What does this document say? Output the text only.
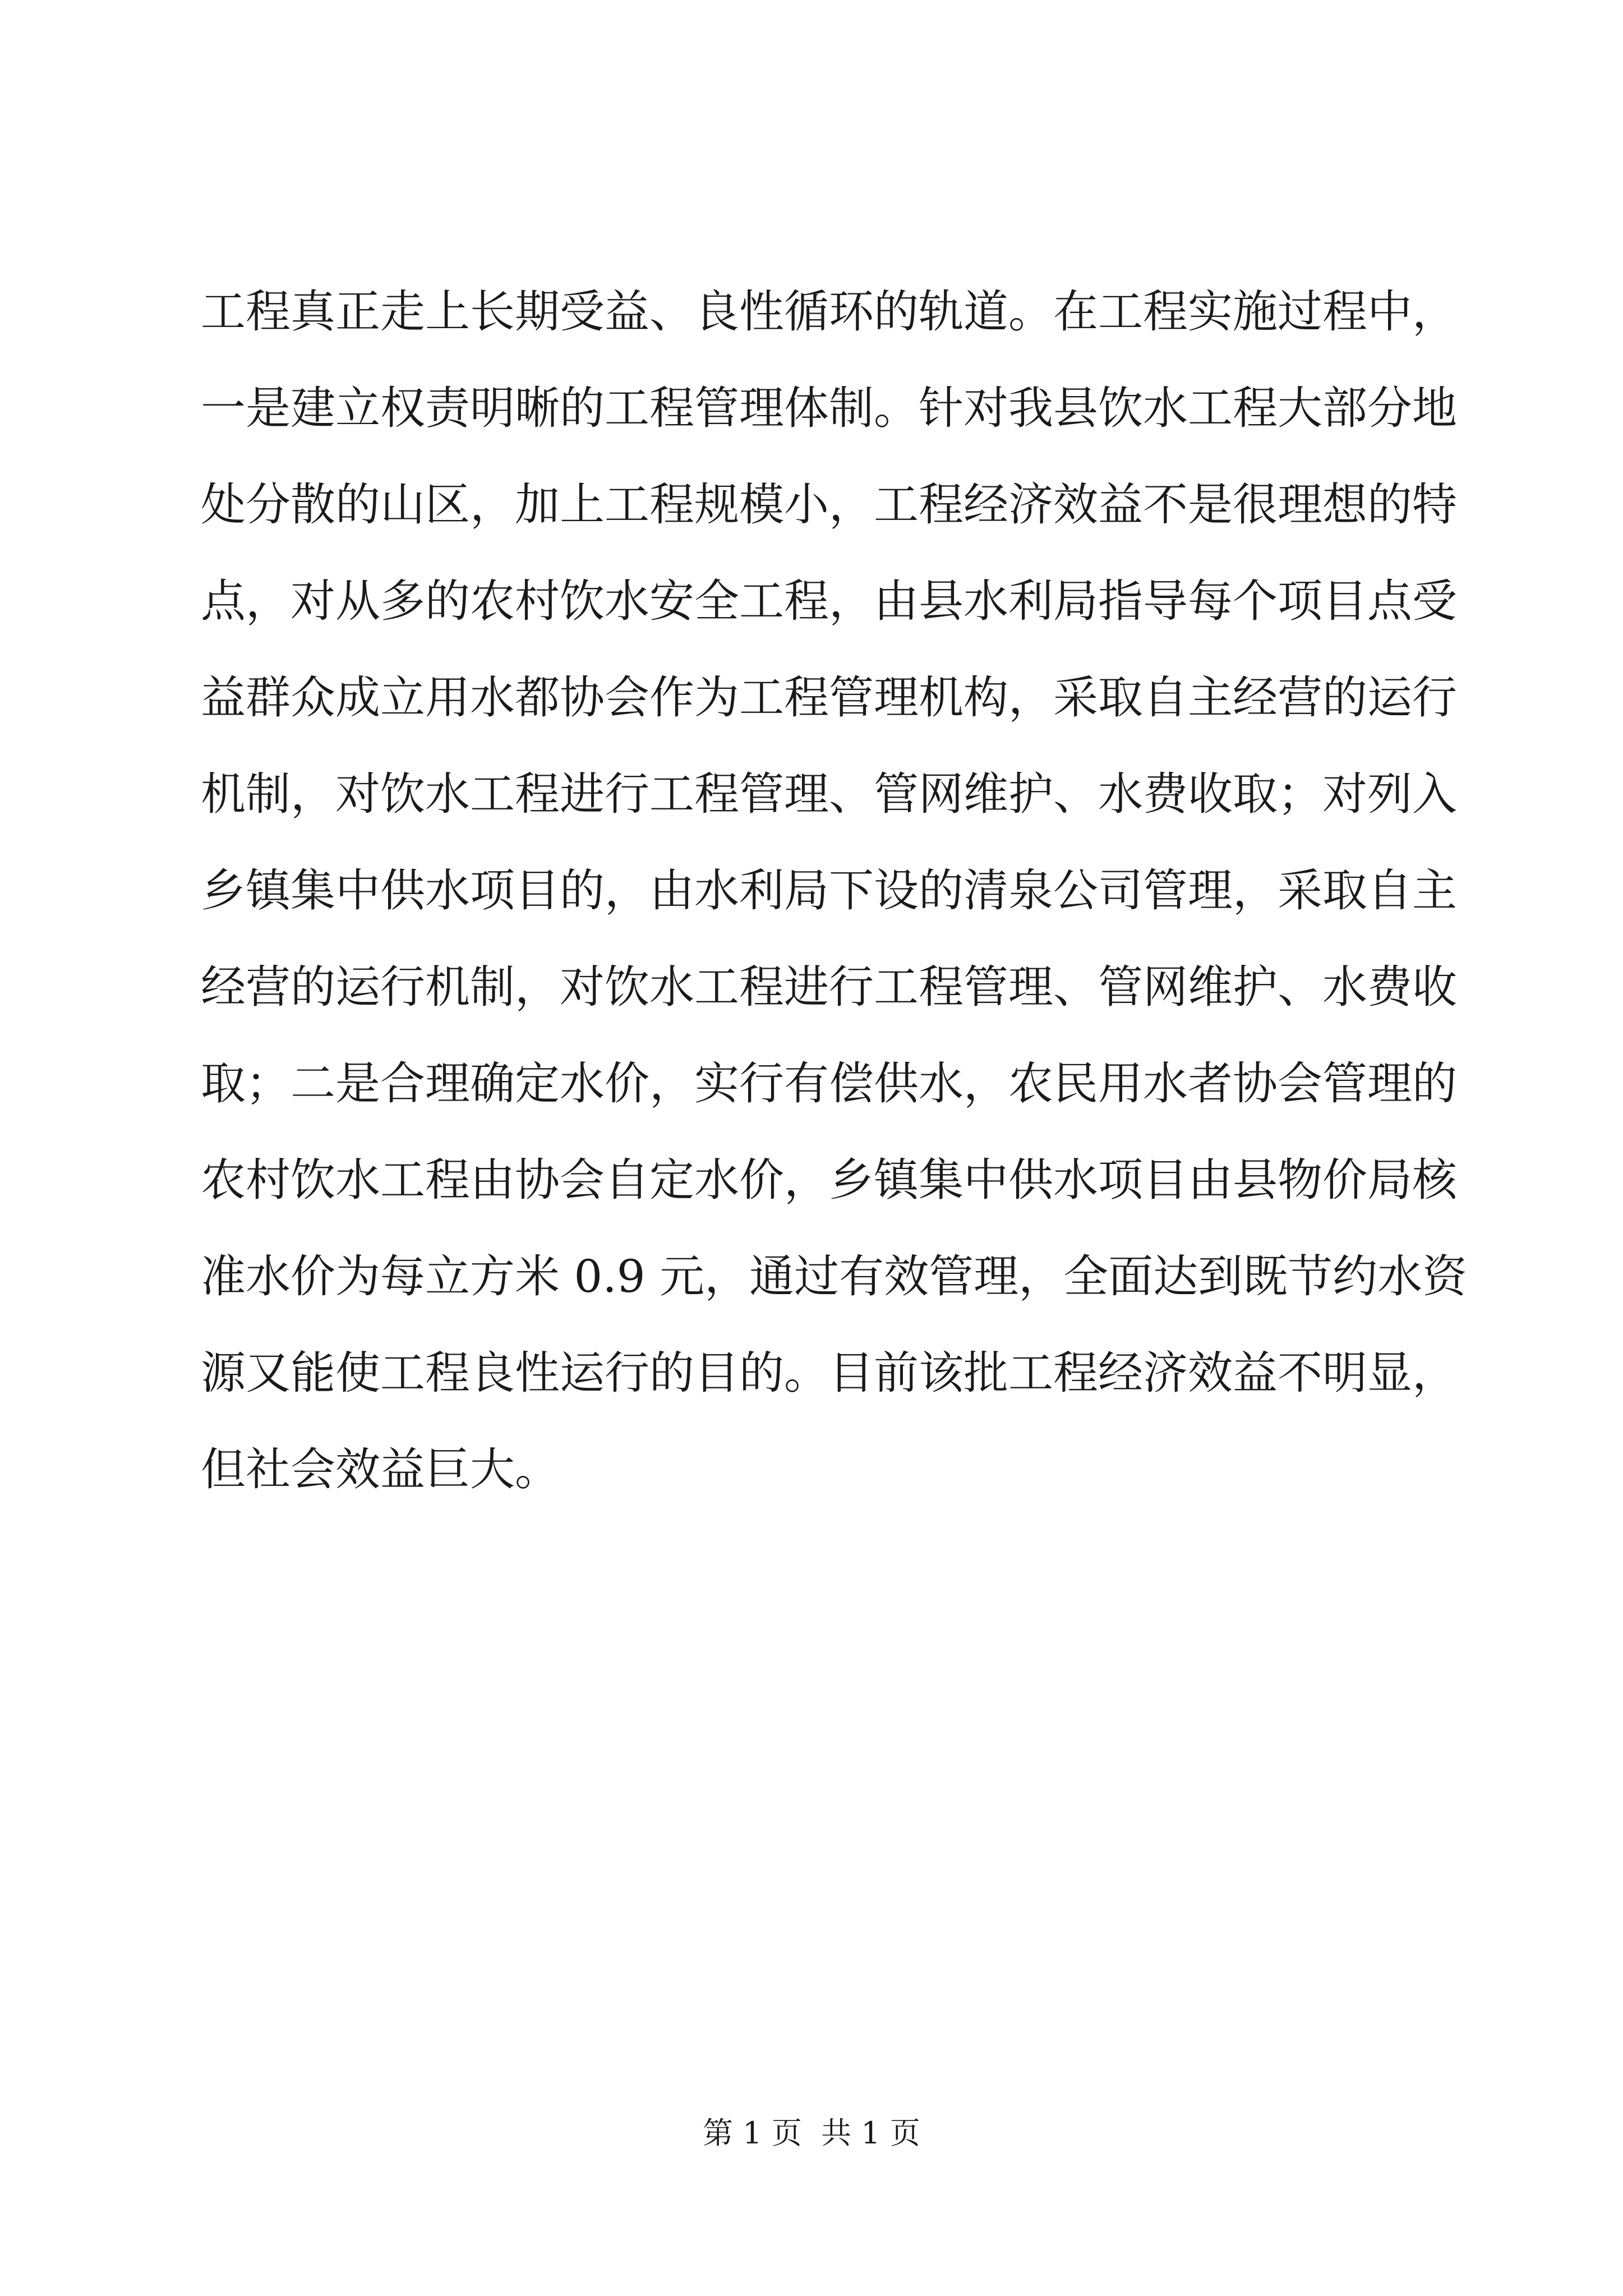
工程真正走上长期受益、良性循环的轨道。在工程实施过程中，
一是建立权责明晰的工程管理体制。针对我县饮水工程大部分地
处分散的山区，加上工程规模小，工程经济效益不是很理想的特
点，对从多的农村饮水安全工程，由县水利局指导每个项目点受
益群众成立用水都协会作为工程管理机构，采取自主经营的运行
机制，对饮水工程进行工程管理、管网维护、水费收取；对列入
乡镇集中供水项目的，由水利局下设的清泉公司管理，采取自主
经营的运行机制，对饮水工程进行工程管理、管网维护、水费收
取；二是合理确定水价，实行有偿供水，农民用水者协会管理的
农村饮水工程由协会自定水价，乡镇集中供水项目由县物价局核
准水价为每立方米 0.9 元，通过有效管理，全面达到既节约水资
源又能使工程良性运行的目的。目前该批工程经济效益不明显，
但社会效益巨大。
第 1 页  共 1 页
